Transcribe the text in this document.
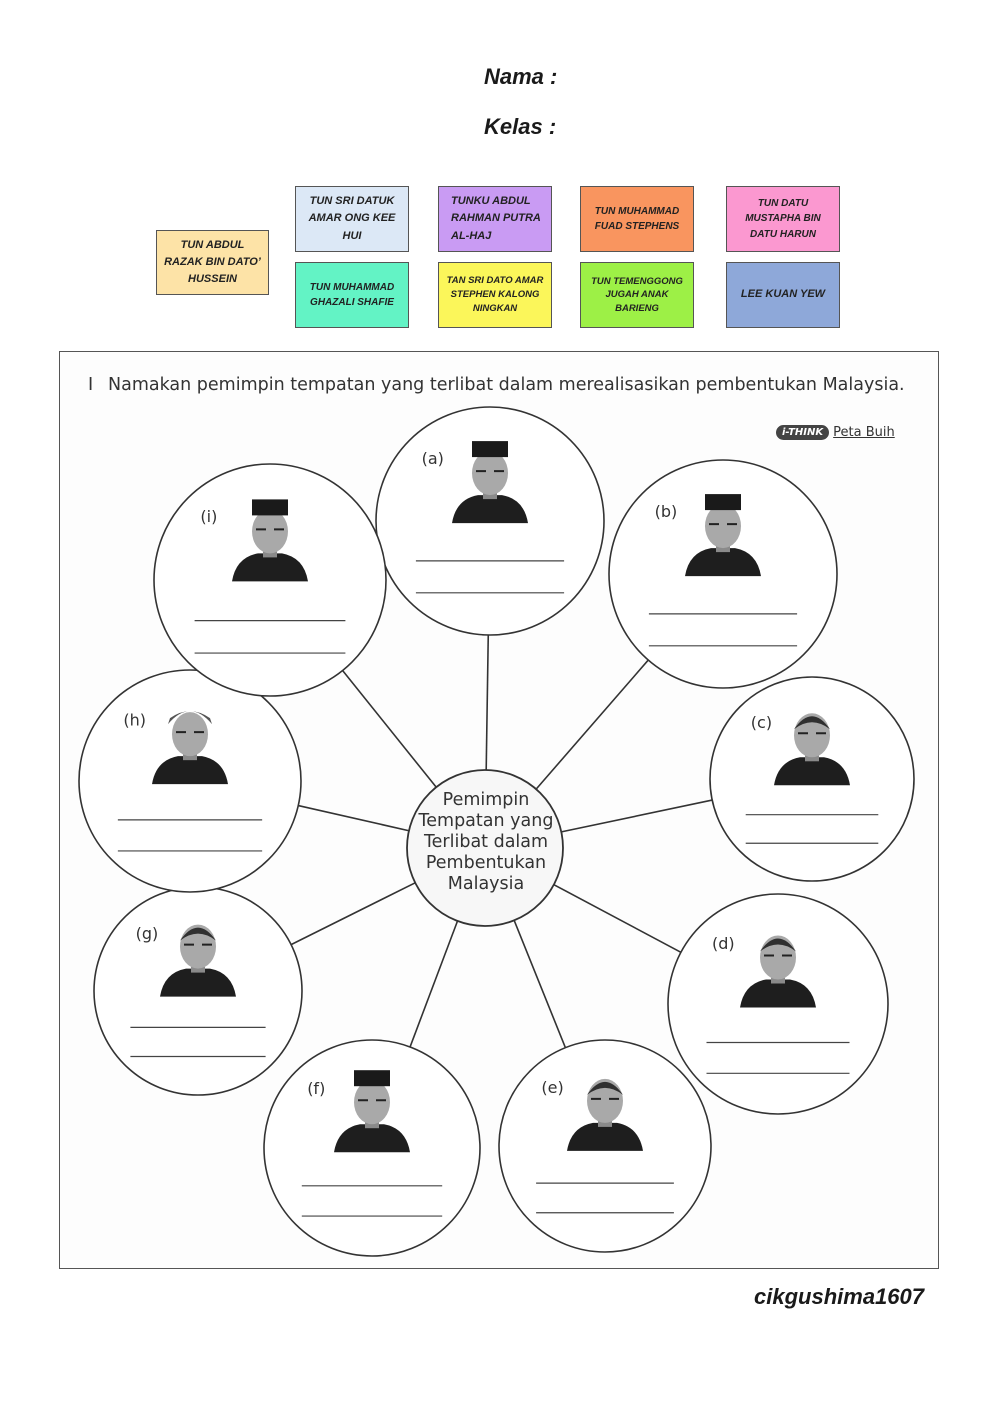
Nama :
Kelas :
TUN ABDUL RAZAK BIN DATO’ HUSSEIN
TUN SRI DATUK AMAR ONG KEE HUI
TUNKU ABDUL RAHMAN PUTRA AL-HAJ
TUN MUHAMMAD FUAD STEPHENS
TUN DATU MUSTAPHA BIN DATU HARUN
TUN MUHAMMAD GHAZALI SHAFIE
TAN SRI DATO AMAR STEPHEN KALONG NINGKAN
TUN TEMENGGONG JUGAH ANAK BARIENG
LEE KUAN YEW
I Namakan pemimpin tempatan yang terlibat dalam merealisasikan pembentukan Malaysia.
i-THINK Peta Buih
(a)
(b)
(c)
(d)
(e)
(f)
(g)
(h)
(i)
Pemimpin
Tempatan yang
Terlibat dalam
Pembentukan
Malaysia
cikgushima1607
